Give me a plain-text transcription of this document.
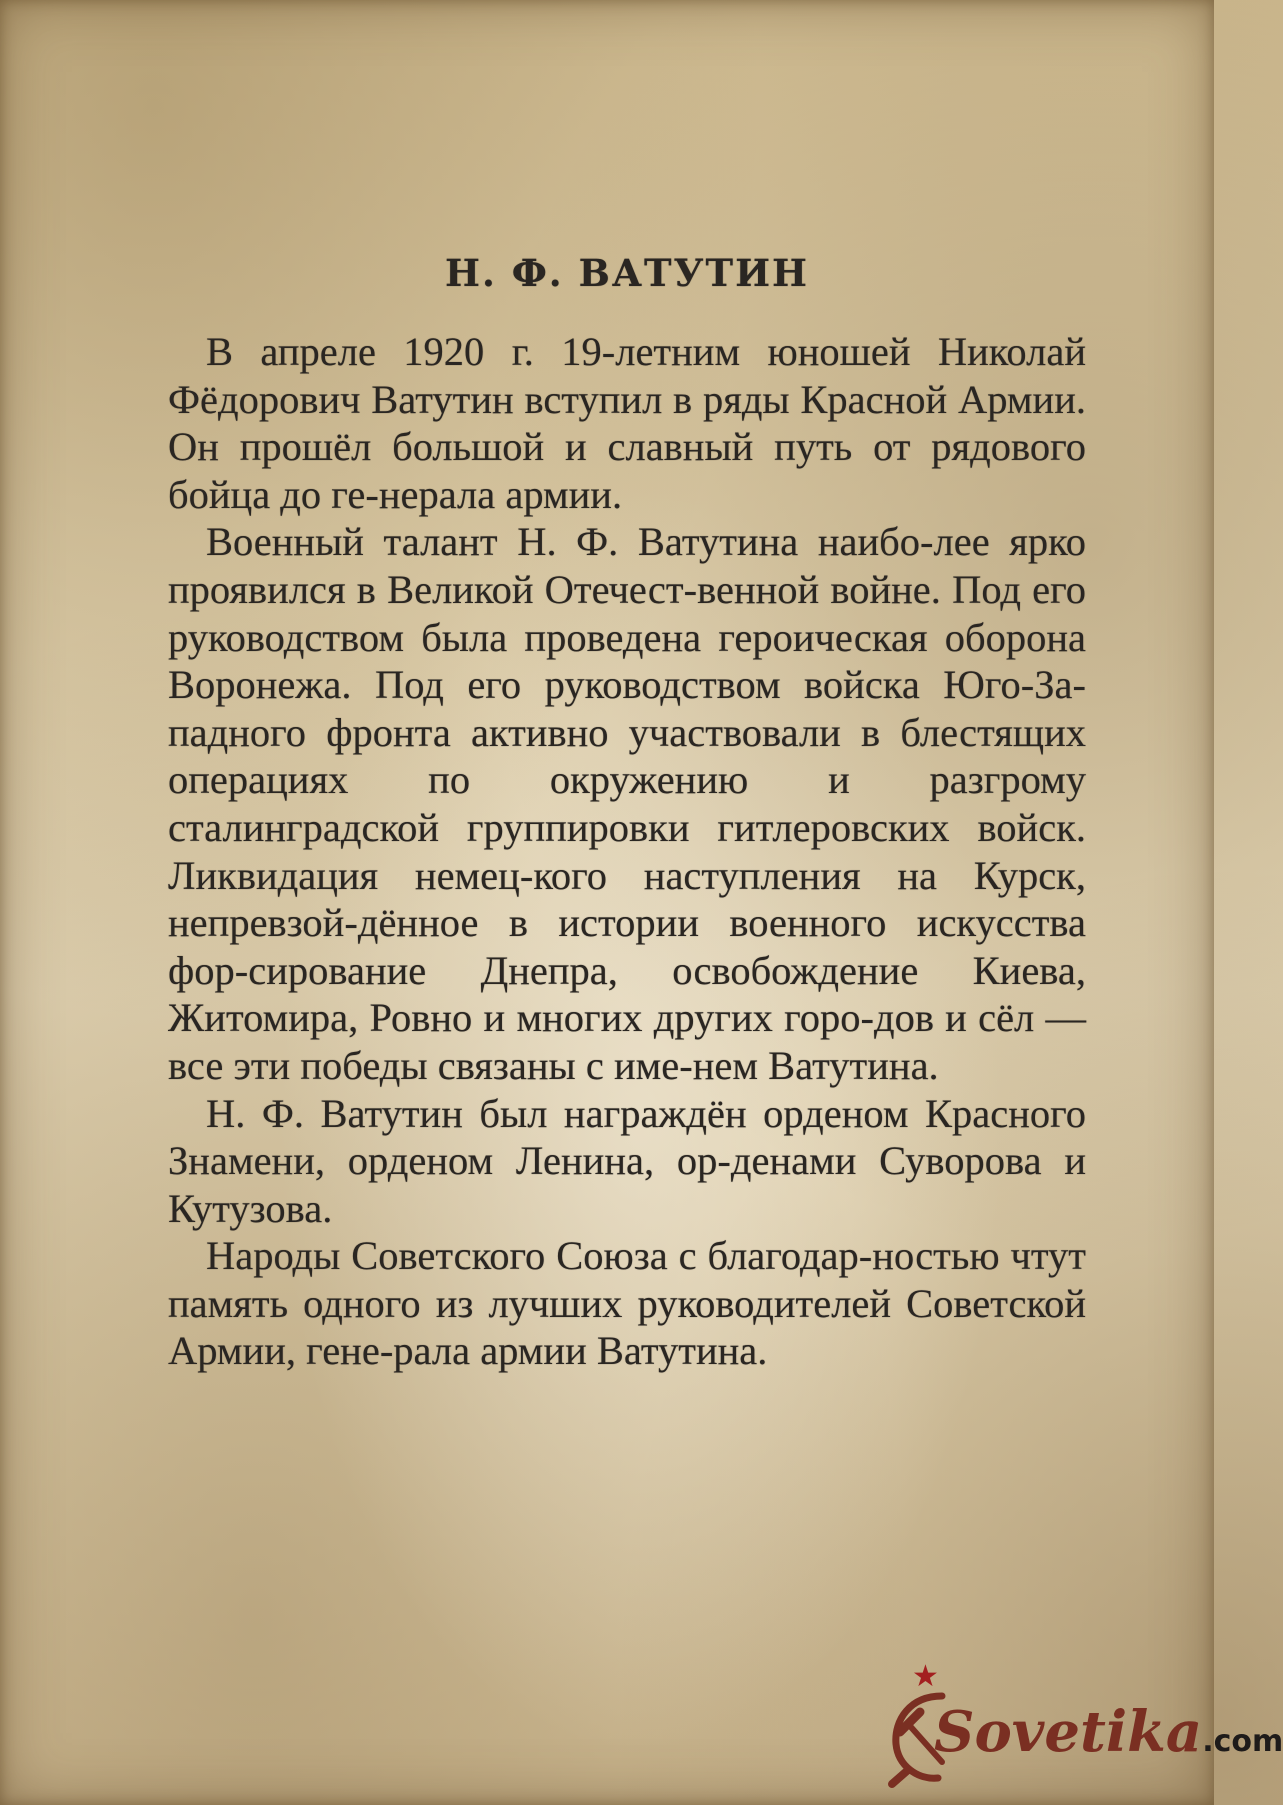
Н. Ф. ВАТУТИН

В апреле 1920 г. 19-летним юношей Николай Фёдорович Ватутин вступил в ряды Красной Армии. Он прошёл большой и славный путь от рядового бойца до ге-нерала армии.

Военный талант Н. Ф. Ватутина наибо-лее ярко проявился в Великой Отечест-венной войне. Под его руководством была проведена героическая оборона Воронежа. Под его руководством войска Юго-За-падного фронта активно участвовали в блестящих операциях по окружению и разгрому сталинградской группировки гитлеровских войск. Ликвидация немец-кого наступления на Курск, непревзой-дённое в истории военного искусства фор-сирование Днепра, освобождение Киева, Житомира, Ровно и многих других горо-дов и сёл — все эти победы связаны с име-нем Ватутина.

Н. Ф. Ватутин был награждён орденом Красного Знамени, орденом Ленина, ор-денами Суворова и Кутузова.

Народы Советского Союза с благодар-ностью чтут память одного из лучших руководителей Советской Армии, гене-рала армии Ватутина.

★
Sovetika.com
